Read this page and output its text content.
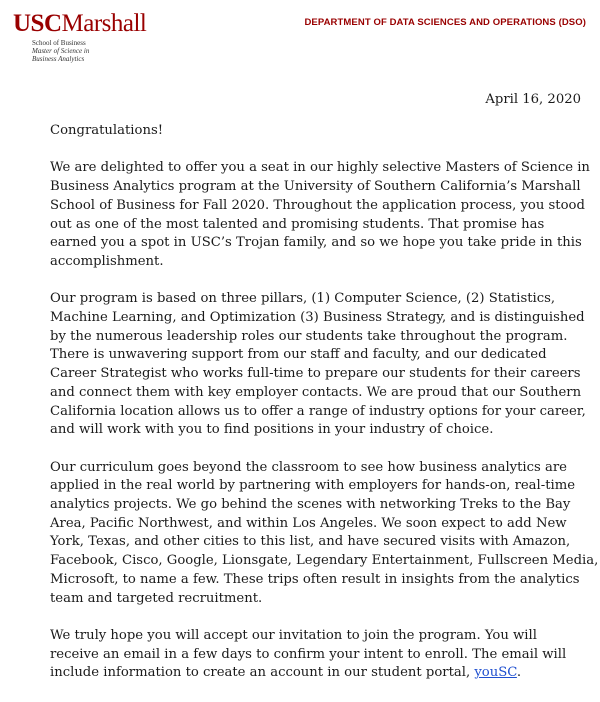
USCMarshall
School of Business
Master of Science in
Business Analytics
DEPARTMENT OF DATA SCIENCES AND OPERATIONS (DSO)
April 16, 2020

Congratulations!

We are delighted to offer you a seat in our highly selective Masters of Science in
Business Analytics program at the University of Southern California’s Marshall
School of Business for Fall 2020. Throughout the application process, you stood
out as one of the most talented and promising students. That promise has
earned you a spot in USC’s Trojan family, and so we hope you take pride in this
accomplishment.
Our program is based on three pillars, (1) Computer Science, (2) Statistics,
Machine Learning, and Optimization (3) Business Strategy, and is distinguished
by the numerous leadership roles our students take throughout the program.
There is unwavering support from our staff and faculty, and our dedicated
Career Strategist who works full-time to prepare our students for their careers
and connect them with key employer contacts. We are proud that our Southern
California location allows us to offer a range of industry options for your career,
and will work with you to find positions in your industry of choice.
Our curriculum goes beyond the classroom to see how business analytics are
applied in the real world by partnering with employers for hands-on, real-time
analytics projects. We go behind the scenes with networking Treks to the Bay
Area, Pacific Northwest, and within Los Angeles. We soon expect to add New
York, Texas, and other cities to this list, and have secured visits with Amazon,
Facebook, Cisco, Google, Lionsgate, Legendary Entertainment, Fullscreen Media,
Microsoft, to name a few. These trips often result in insights from the analytics
team and targeted recruitment.
We truly hope you will accept our invitation to join the program. You will
receive an email in a few days to confirm your intent to enroll. The email will
include information to create an account in our student portal, youSC.
